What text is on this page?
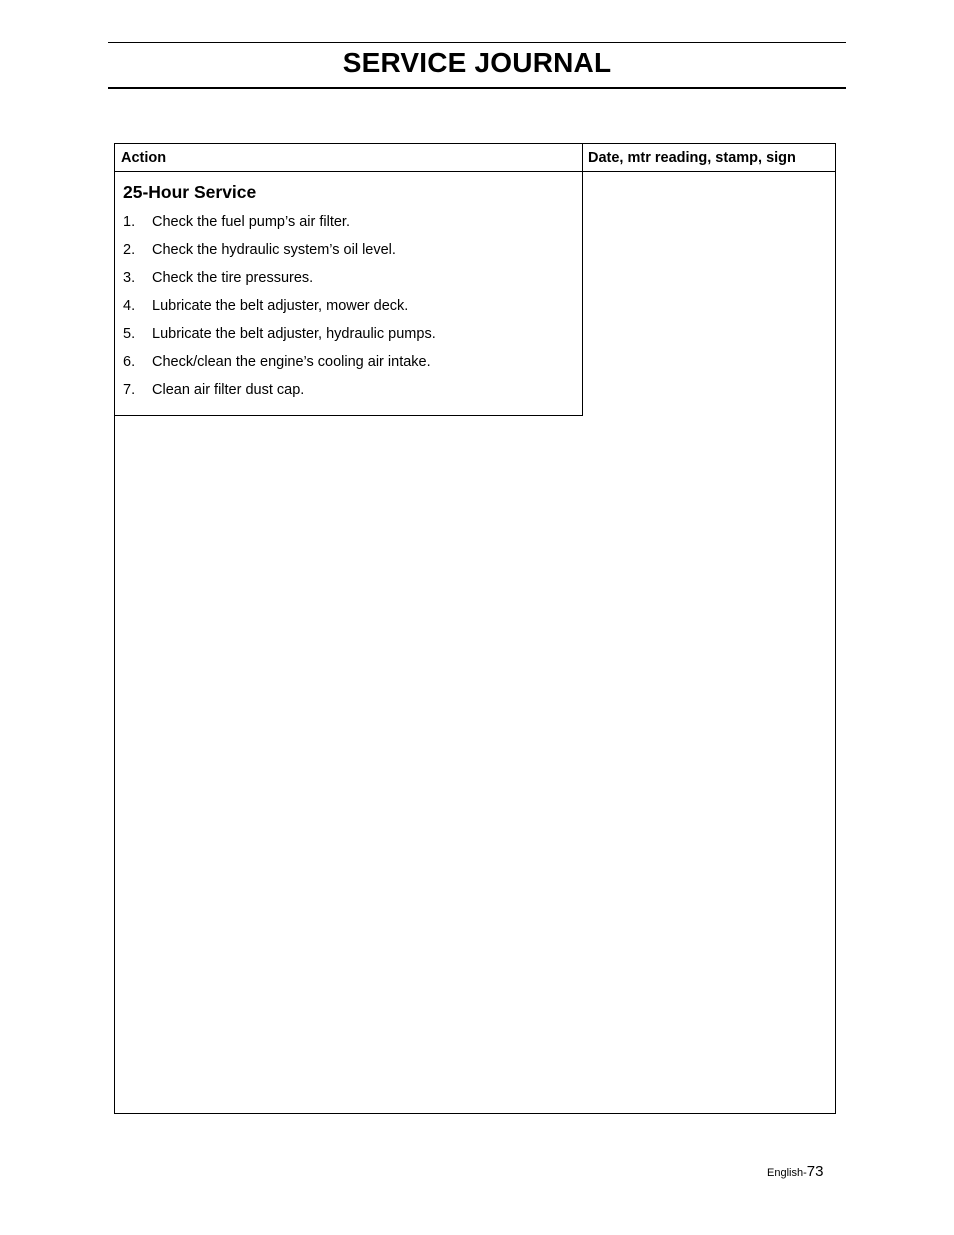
SERVICE JOURNAL
Action	Date, mtr reading, stamp, sign
25-Hour Service
1. Check the fuel pump’s air filter.
2. Check the hydraulic system’s oil level.
3. Check the tire pressures.
4. Lubricate the belt adjuster, mower deck.
5. Lubricate the belt adjuster, hydraulic pumps.
6. Check/clean the engine’s cooling air intake.
7. Clean air filter dust cap.
English-73
